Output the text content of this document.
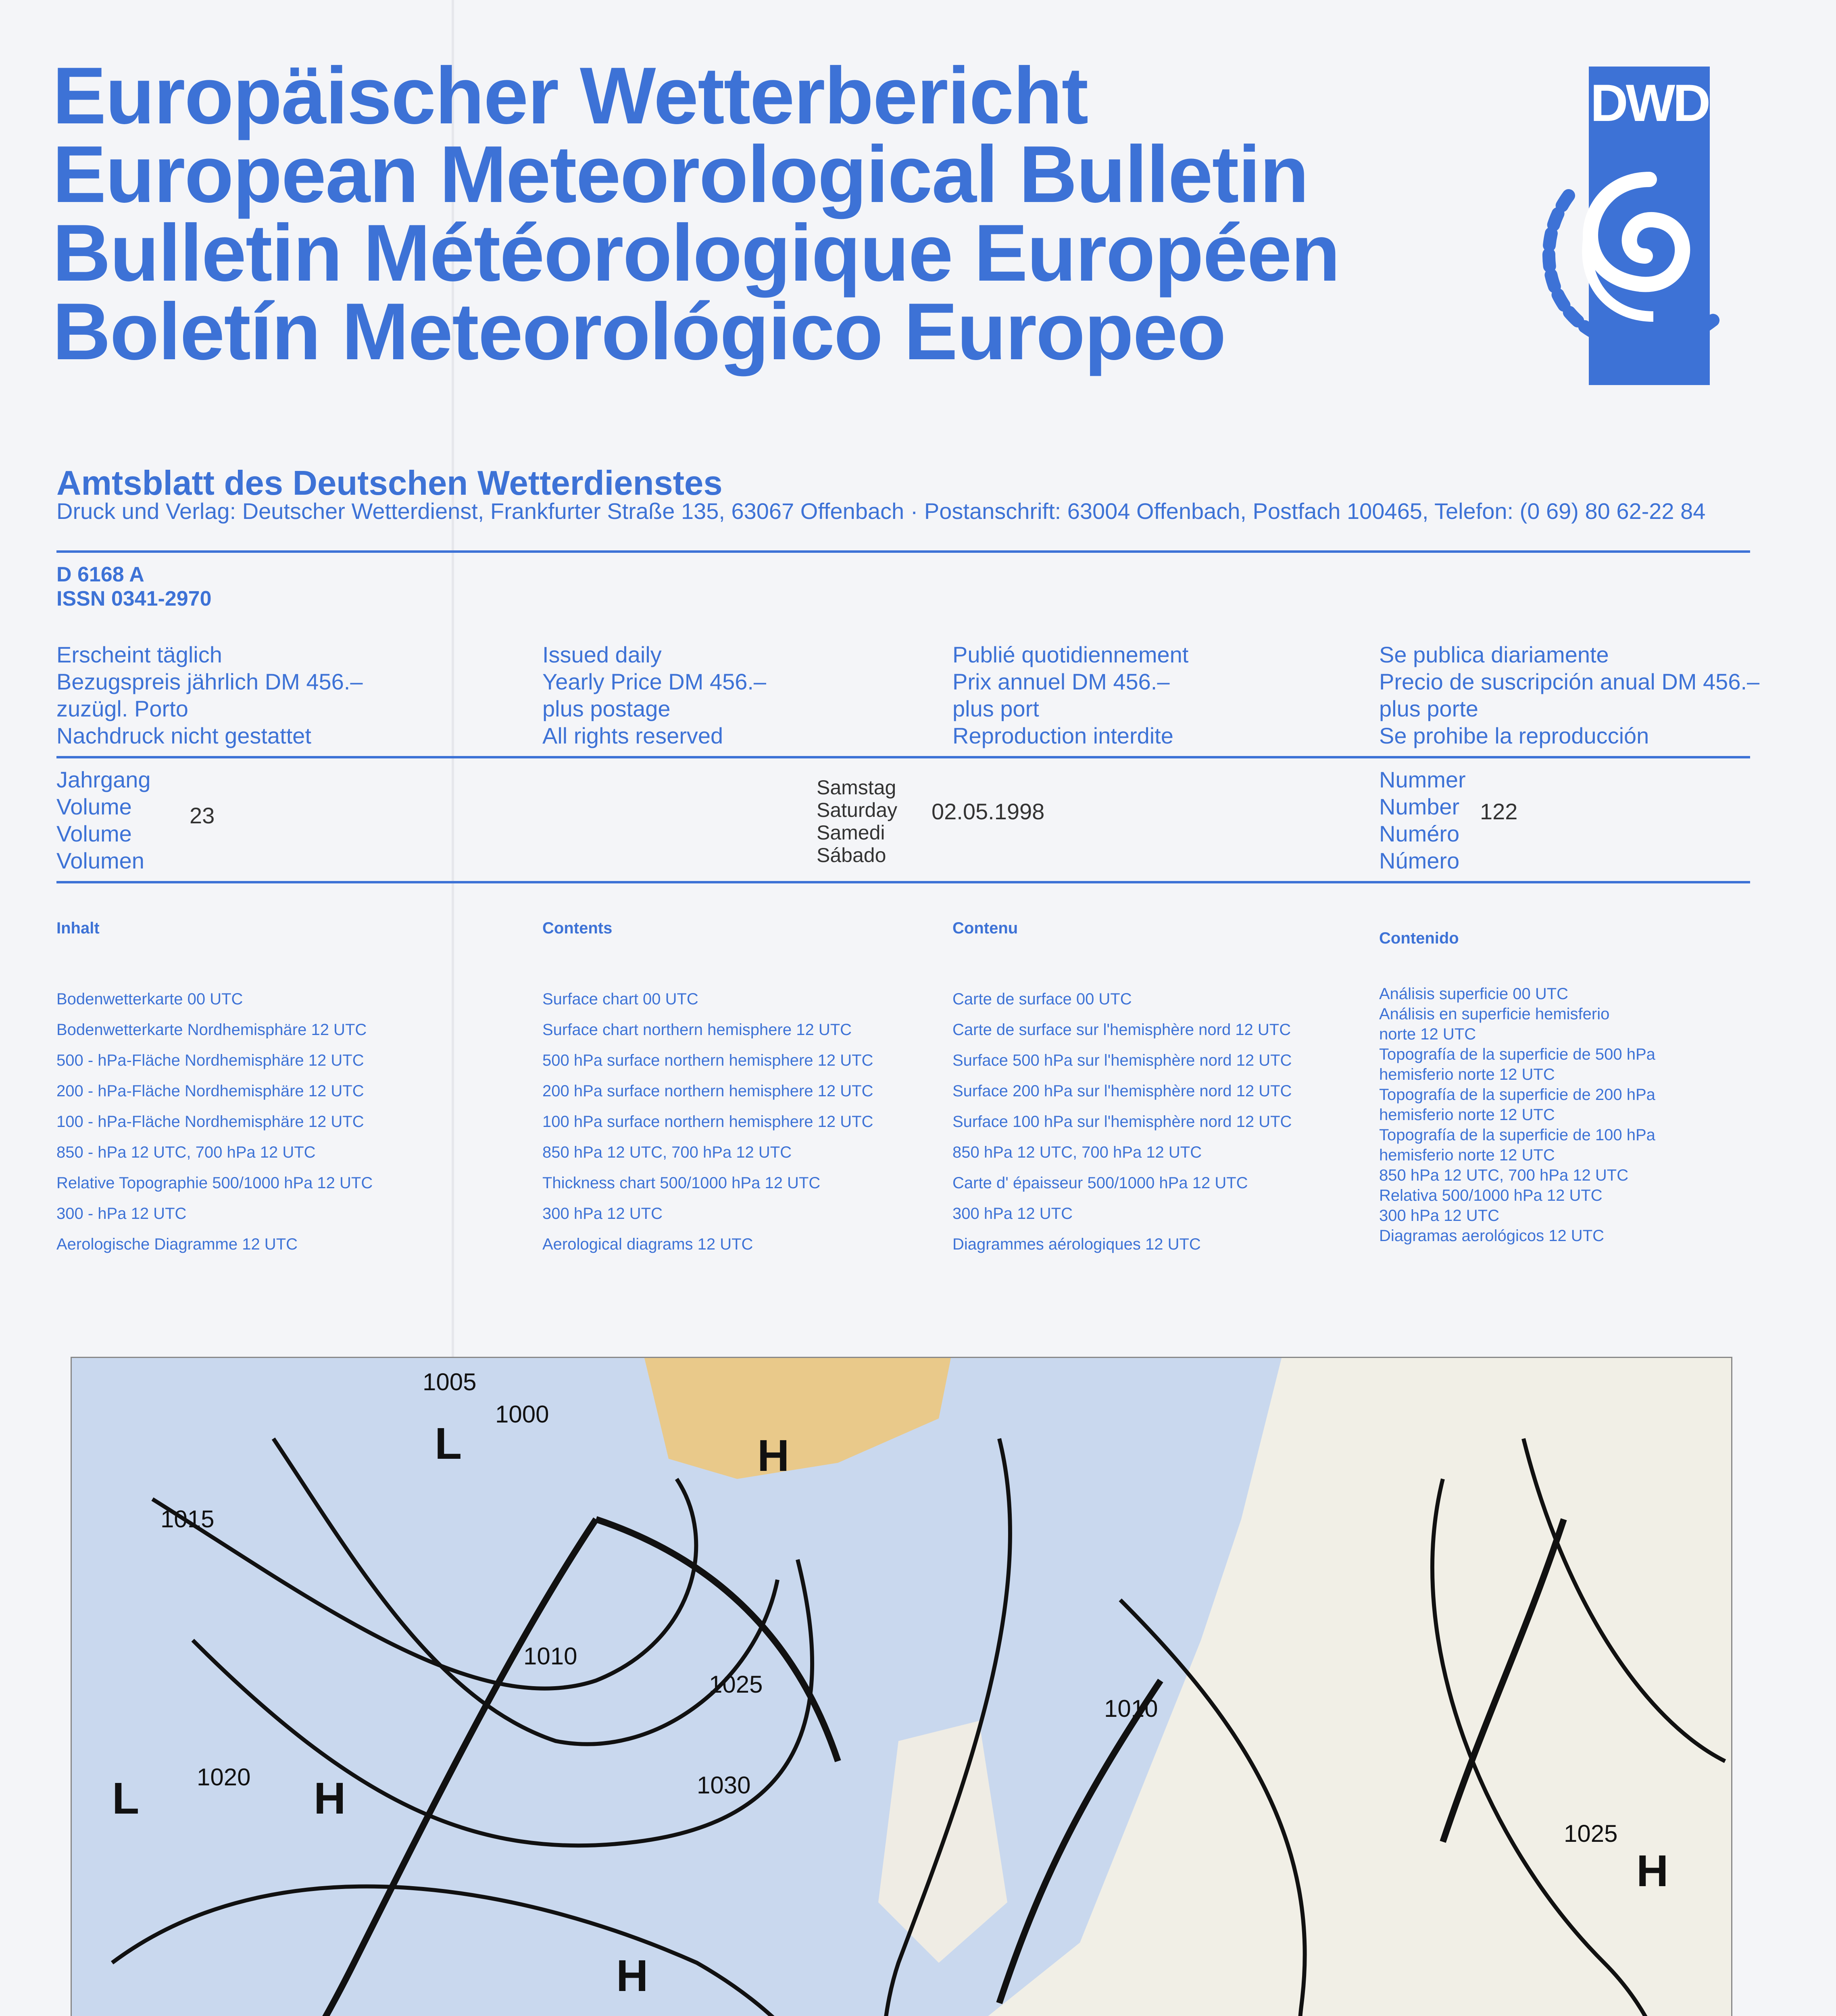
Europäischer Wetterbericht
European Meteorological Bulletin
Bulletin Météorologique Européen
Boletín Meteorológico Europeo
DWD
Amtsblatt des Deutschen Wetterdienstes
Druck und Verlag: Deutscher Wetterdienst, Frankfurter Straße 135, 63067 Offenbach · Postanschrift: 63004 Offenbach, Postfach 100465, Telefon: (0 69) 80 62-22 84
D 6168 A
ISSN 0341-2970
Erscheint täglich
Bezugspreis jährlich DM 456.–
zuzügl. Porto
Nachdruck nicht gestattet
Issued daily
Yearly Price DM 456.–
plus postage
All rights reserved
Publié quotidiennement
Prix annuel DM 456.–
plus port
Reproduction interdite
Se publica diariamente
Precio de suscripción anual DM 456.–
plus porte
Se prohibe la reproducción
Jahrgang
Volume
Volume
Volumen
23
Samstag
Saturday
Samedi
Sábado
02.05.1998
Nummer
Number
Numéro
Número
122
Inhalt	Contents	Contenu
Contenido
Bodenwetterkarte 00 UTC
Bodenwetterkarte Nordhemisphäre 12 UTC
500 - hPa-Fläche Nordhemisphäre 12 UTC
200 - hPa-Fläche Nordhemisphäre 12 UTC
100 - hPa-Fläche Nordhemisphäre 12 UTC
850 - hPa 12 UTC, 700 hPa 12 UTC
Relative Topographie 500/1000 hPa 12 UTC
300 - hPa 12 UTC
Aerologische Diagramme 12 UTC
Surface chart 00 UTC
Surface chart northern hemisphere 12 UTC
500 hPa surface northern hemisphere 12 UTC
200 hPa surface northern hemisphere 12 UTC
100 hPa surface northern hemisphere 12 UTC
850 hPa 12 UTC, 700 hPa 12 UTC
Thickness chart 500/1000 hPa 12 UTC
300 hPa 12 UTC
Aerological diagrams 12 UTC
Carte de surface 00 UTC
Carte de surface sur l'hemisphère nord 12 UTC
Surface 500 hPa sur l'hemisphère nord 12 UTC
Surface 200 hPa sur l'hemisphère nord 12 UTC
Surface 100 hPa sur l'hemisphère nord 12 UTC
850 hPa 12 UTC, 700 hPa 12 UTC
Carte d' épaisseur 500/1000 hPa 12 UTC
300 hPa 12 UTC
Diagrammes aérologiques 12 UTC
Análisis superficie 00 UTC
Análisis en superficie hemisferio
norte 12 UTC
Topografía de la superficie de 500 hPa
hemisferio norte 12 UTC
Topografía de la superficie de 200 hPa
hemisferio norte 12 UTC
Topografía de la superficie de 100 hPa
hemisferio norte 12 UTC
850 hPa 12 UTC, 700 hPa 12 UTC
Relativa 500/1000 hPa 12 UTC
300 hPa 12 UTC
Diagramas aerológicos 12 UTC
H
H
H
H
L
L
1005
1000
1010
1015
1020
1025
1030
1025
1010
